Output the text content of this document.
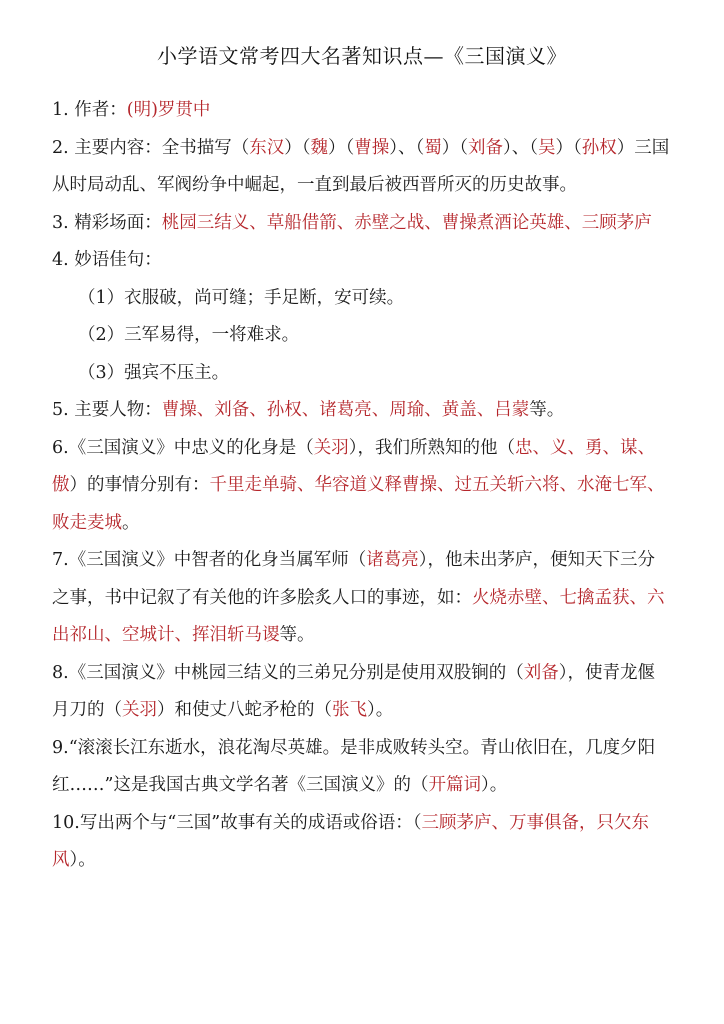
小学语文常考四大名著知识点—《三国演义》

1. 作者：(明)罗贯中

2. 主要内容：全书描写（东汉）（魏）（曹操）、（蜀）（刘备）、（吴）（孙权）三国从时局动乱、军阀纷争中崛起，一直到最后被西晋所灭的历史故事。

3. 精彩场面：桃园三结义、草船借箭、赤壁之战、曹操煮酒论英雄、三顾茅庐

4. 妙语佳句：

（1）衣服破，尚可缝；手足断，安可续。

（2）三军易得，一将难求。

（3）强宾不压主。

5. 主要人物：曹操、刘备、孙权、诸葛亮、周瑜、黄盖、吕蒙等。

6.《三国演义》中忠义的化身是（关羽），我们所熟知的他（忠、义、勇、谋、傲）的事情分别有：千里走单骑、华容道义释曹操、过五关斩六将、水淹七军、败走麦城。

7.《三国演义》中智者的化身当属军师（诸葛亮），他未出茅庐，便知天下三分之事，书中记叙了有关他的许多脍炙人口的事迹，如：火烧赤壁、七擒孟获、六出祁山、空城计、挥泪斩马谡等。

8.《三国演义》中桃园三结义的三弟兄分别是使用双股锏的（刘备），使青龙偃月刀的（关羽）和使丈八蛇矛枪的（张飞）。

9.“滚滚长江东逝水，浪花淘尽英雄。是非成败转头空。青山依旧在，几度夕阳红……”这是我国古典文学名著《三国演义》的（开篇词）。

10.写出两个与“三国”故事有关的成语或俗语：（三顾茅庐、万事俱备，只欠东风）。
